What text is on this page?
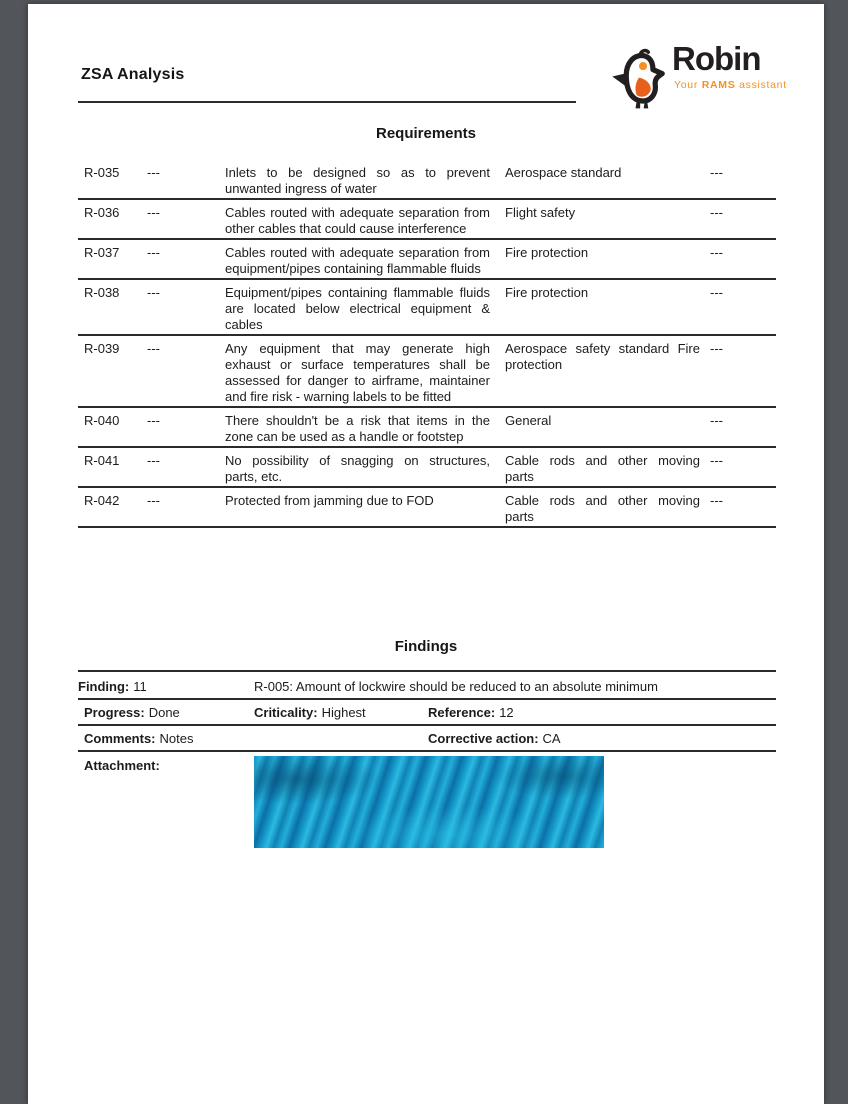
ZSA Analysis	Robin
Your RAMS assistant
Requirements
R-035	---	Inlets to be designed so as to prevent unwanted ingress of water	Aerospace standard	---
R-036	---	Cables routed with adequate separation from other cables that could cause interference	Flight safety	---
R-037	---	Cables routed with adequate separation from equipment/pipes containing flammable fluids	Fire protection	---
R-038	---	Equipment/pipes containing flammable fluids are located below electrical equipment & cables	Fire protection	---
R-039	---	Any equipment that may generate high exhaust or surface temperatures shall be assessed for danger to airframe, maintainer and fire risk - warning labels to be fitted	Aerospace safety standard Fire protection	---
R-040	---	There shouldn't be a risk that items in the zone can be used as a handle or footstep	General	---
R-041	---	No possibility of snagging on structures, parts, etc.	Cable rods and other moving parts	---
R-042	---	Protected from jamming due to FOD	Cable rods and other moving parts	---
Findings
Finding: 11	R-005: Amount of lockwire should be reduced to an absolute minimum	
Progress: Done	Criticality: Highest	Reference: 12
Comments: Notes		Corrective action: CA
Attachment:		
